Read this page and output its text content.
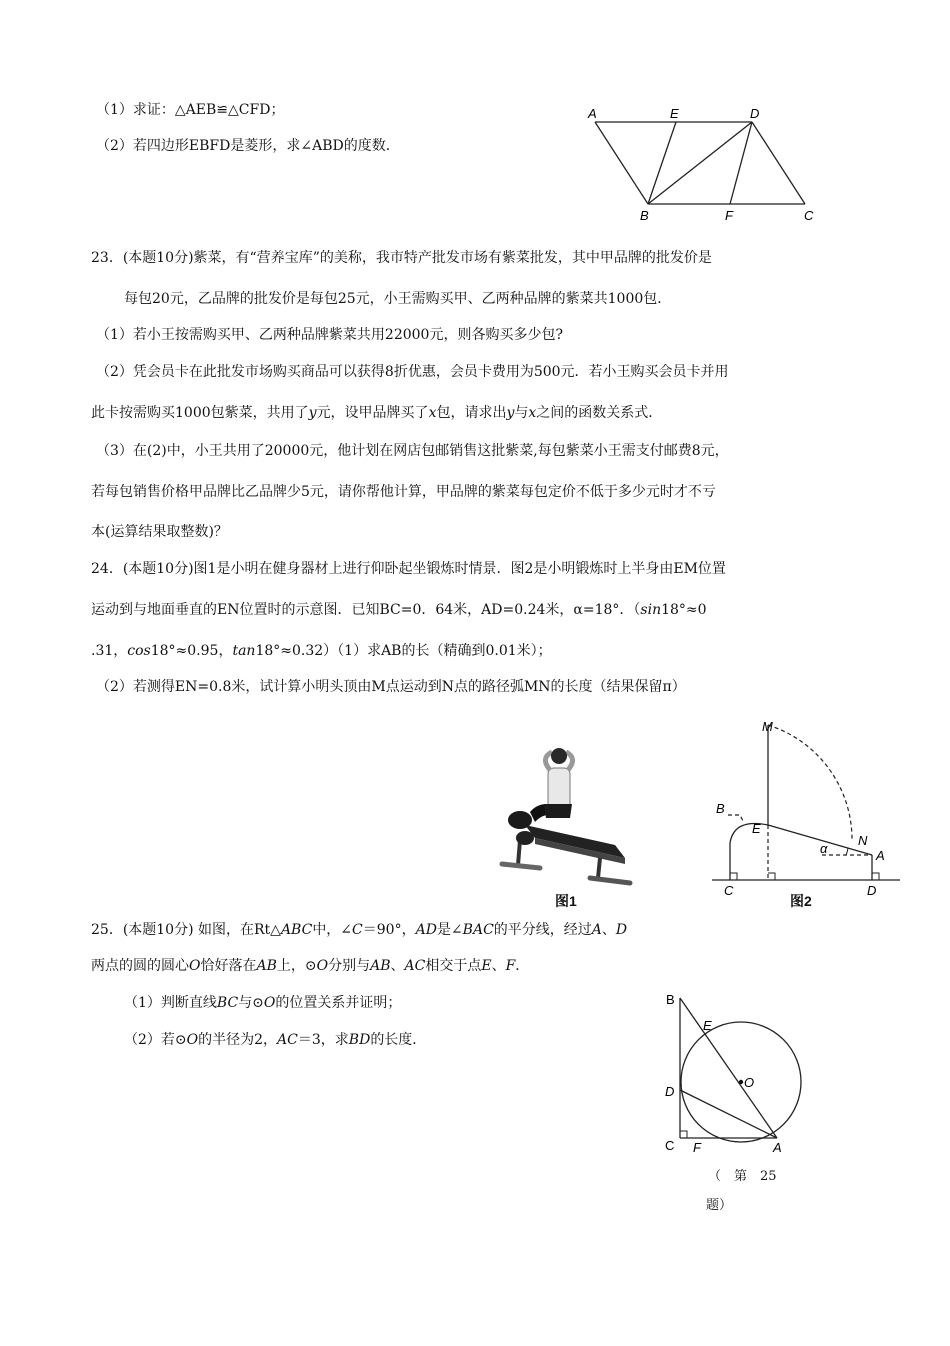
（1）求证：△AEB≌△CFD；
（2）若四边形EBFD是菱形，求∠ABD的度数．
A	E	D
B	F	C
23．(本题10分)紫菜，有“营养宝库”的美称，我市特产批发市场有紫菜批发，其中甲品牌的批发价是
每包20元，乙品牌的批发价是每包25元，小王需购买甲、乙两种品牌的紫菜共1000包．
（1）若小王按需购买甲、乙两种品牌紫菜共用22000元，则各购买多少包?
（2）凭会员卡在此批发市场购买商品可以获得8折优惠，会员卡费用为500元．若小王购买会员卡并用
此卡按需购买1000包紫菜，共用了y元，设甲品牌买了x包，请求出y与x之间的函数关系式．
（3）在(2)中，小王共用了20000元，他计划在网店包邮销售这批紫菜,每包紫菜小王需支付邮费8元，
若每包销售价格甲品牌比乙品牌少5元，请你帮他计算，甲品牌的紫菜每包定价不低于多少元时才不亏
本(运算结果取整数)？
24．(本题10分)图1是小明在健身器材上进行仰卧起坐锻炼时情景．图2是小明锻炼时上半身由EM位置
运动到与地面垂直的EN位置时的示意图．已知BC=0．64米，AD=0.24米，α=18°．（sin18°≈0
.31，cos18°≈0.95，tan18°≈0.32）（1）求AB的长（精确到0.01米）；
（2）若测得EN=0.8米，试计算小明头顶由M点运动到N点的路径弧MN的长度（结果保留π）
图1
M
B
E
N
A
α
C	D
图2
25．(本题10分) 如图，在Rt△ABC中，∠C＝90°，AD是∠BAC的平分线，经过A、D
两点的圆的圆心O恰好落在AB上，⊙O分别与AB、AC相交于点E、F．
（1）判断直线BC与⊙O的位置关系并证明；
（2）若⊙O的半径为2，AC＝3，求BD的长度．
B
E
O
D
C F	A
（　第　25
题）
